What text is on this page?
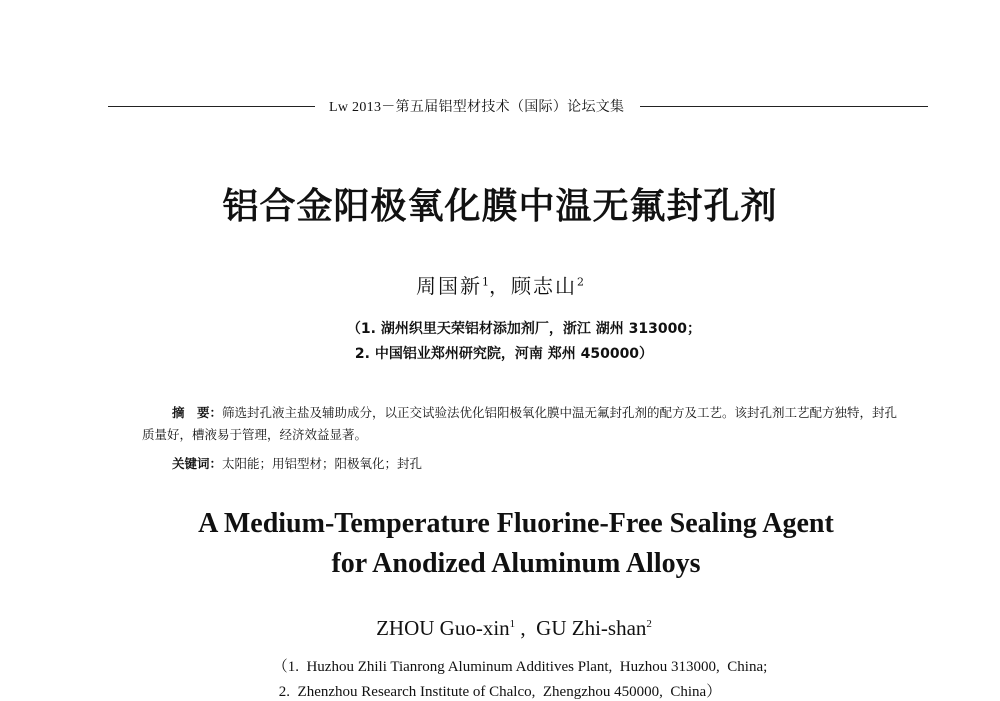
Lw 2013－第五届铝型材技术（国际）论坛文集
铝合金阳极氧化膜中温无氟封孔剂
周国新$^1$，顾志山$^2$
（1. 湖州织里天荣铝材添加剂厂，浙江 湖州 313000；
2. 中国铝业郑州研究院，河南 郑州 450000）
摘　要：筛选封孔液主盐及辅助成分，以正交试验法优化铝阳极氧化膜中温无氟封孔剂的配方及工艺。该封孔剂工艺配方独特，封孔质量好，槽液易于管理，经济效益显著。
关键词：太阳能；用铝型材；阳极氧化；封孔
A Medium-Temperature Fluorine-Free Sealing Agent
for Anodized Aluminum Alloys
ZHOU Guo-xin$^1$ ,  GU Zhi-shan$^2$
（1.  Huzhou Zhili Tianrong Aluminum Additives Plant,  Huzhou 313000,  China;
2.  Zhenzhou Research Institute of Chalco,  Zhengzhou 450000,  China）
